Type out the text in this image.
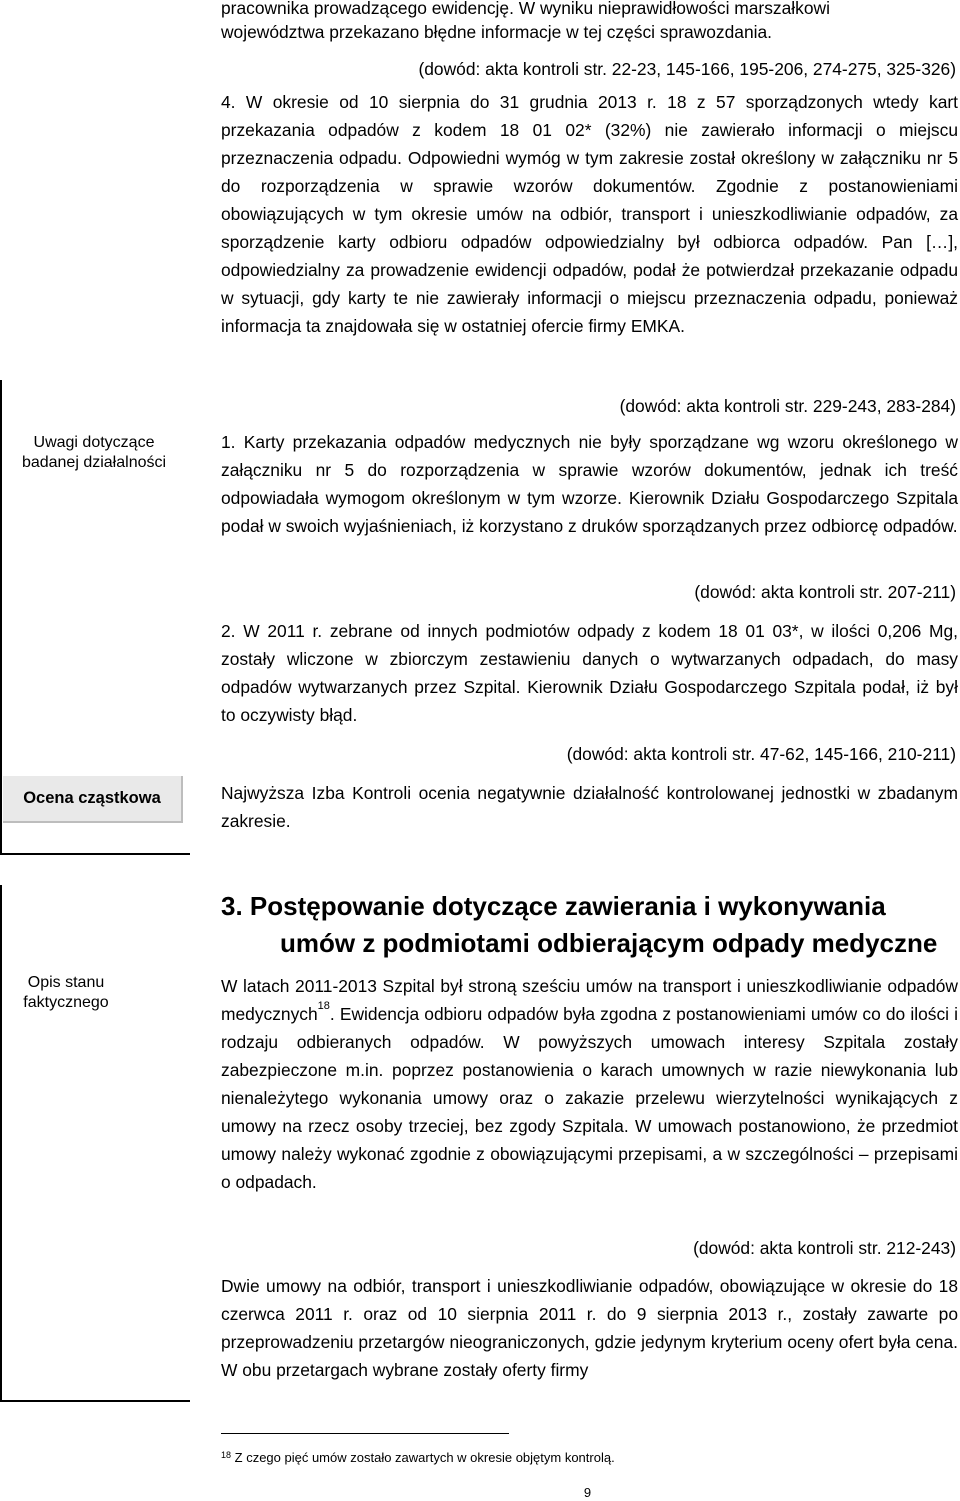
pracownika prowadzącego ewidencję. W wyniku nieprawidłowości marszałkowi

województwa przekazano błędne informacje w tej części sprawozdania.

(dowód: akta kontroli str. 22-23, 145-166, 195-206, 274-275, 325-326)

4. W okresie od 10 sierpnia do 31 grudnia 2013 r. 18 z 57 sporządzonych wtedy kart przekazania odpadów z kodem 18 01 02* (32%) nie zawierało informacji o miejscu przeznaczenia odpadu. Odpowiedni wymóg w tym zakresie został określony w załączniku nr 5 do rozporządzenia w sprawie wzorów dokumentów. Zgodnie z postanowieniami obowiązujących w tym okresie umów na odbiór, transport i unieszkodliwianie odpadów, za sporządzenie karty odbioru odpadów odpowiedzialny był odbiorca odpadów. Pan […], odpowiedzialny za prowadzenie ewidencji odpadów, podał że potwierdzał przekazanie odpadu w sytuacji, gdy karty te nie zawierały informacji o miejscu przeznaczenia odpadu, ponieważ informacja ta znajdowała się w ostatniej ofercie firmy EMKA.

(dowód: akta kontroli str. 229-243, 283-284)

Uwagi dotyczące badanej działalności
Ocena cząstkowa

1. Karty przekazania odpadów medycznych nie były sporządzane wg wzoru określonego w załączniku nr 5 do rozporządzenia w sprawie wzorów dokumentów, jednak ich treść odpowiadała wymogom określonym w tym wzorze. Kierownik Działu Gospodarczego Szpitala podał w swoich wyjaśnieniach, iż korzystano z druków sporządzanych przez odbiorcę odpadów.

(dowód: akta kontroli str. 207-211)

2. W 2011 r. zebrane od innych podmiotów odpady z kodem 18 01 03*, w ilości 0,206 Mg, zostały wliczone w zbiorczym zestawieniu danych o wytwarzanych odpadach, do masy odpadów wytwarzanych przez Szpital. Kierownik Działu Gospodarczego Szpitala podał, iż był to oczywisty błąd.

(dowód: akta kontroli str. 47-62, 145-166, 210-211)

Najwyższa Izba Kontroli ocenia negatywnie działalność kontrolowanej jednostki w zbadanym zakresie.

Opis stanu faktycznego
3. Postępowanie dotyczące zawierania i wykonywania
umów z podmiotami odbierającym odpady medyczne

W latach 2011-2013 Szpital był stroną sześciu umów na transport i unieszkodliwianie odpadów medycznych$^{18}$. Ewidencja odbioru odpadów była zgodna z postanowieniami umów co do ilości i rodzaju odbieranych odpadów. W powyższych umowach interesy Szpitala zostały zabezpieczone m.in. poprzez postanowienia o karach umownych w razie niewykonania lub nienależytego wykonania umowy oraz o zakazie przelewu wierzytelności wynikających z umowy na rzecz osoby trzeciej, bez zgody Szpitala. W umowach postanowiono, że przedmiot umowy należy wykonać zgodnie z obowiązującymi przepisami, a w szczególności – przepisami o odpadach.

(dowód: akta kontroli str. 212-243)

Dwie umowy na odbiór, transport i unieszkodliwianie odpadów, obowiązujące w okresie do 18 czerwca 2011 r. oraz od 10 sierpnia 2011 r. do 9 sierpnia 2013 r., zostały zawarte po przeprowadzeniu przetargów nieograniczonych, gdzie jedynym kryterium oceny ofert była cena. W obu przetargach wybrane zostały oferty firmy

$^{18}$ Z czego pięć umów zostało zawartych w okresie objętym kontrolą.
9
